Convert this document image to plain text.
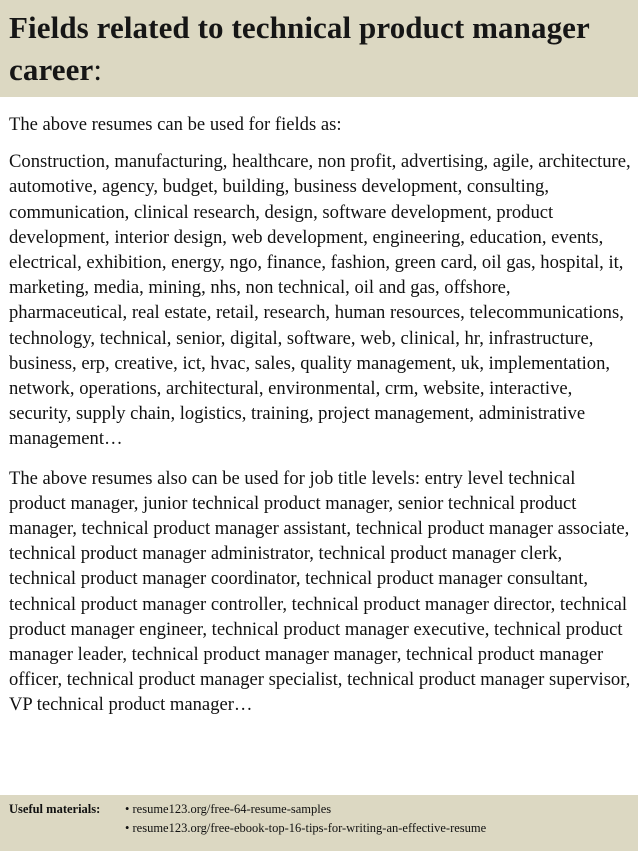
Fields related to technical product manager career:

The above resumes can be used for fields as:

Construction, manufacturing, healthcare, non profit, advertising, agile, architecture, automotive, agency, budget, building, business development, consulting, communication, clinical research, design, software development, product development, interior design, web development, engineering, education, events, electrical, exhibition, energy, ngo, finance, fashion, green card, oil gas, hospital, it, marketing, media, mining, nhs, non technical, oil and gas, offshore, pharmaceutical, real estate, retail, research, human resources, telecommunications, technology, technical, senior, digital, software, web, clinical, hr, infrastructure, business, erp, creative, ict, hvac, sales, quality management, uk, implementation, network, operations, architectural, environmental, crm, website, interactive, security, supply chain, logistics, training, project management, administrative management…

The above resumes also can be used for job title levels: entry level technical product manager, junior technical product manager, senior technical product manager, technical product manager assistant, technical product manager associate, technical product manager administrator, technical product manager clerk, technical product manager coordinator, technical product manager consultant, technical product manager controller, technical product manager director, technical product manager engineer, technical product manager executive, technical product manager leader, technical product manager manager, technical product manager officer, technical product manager specialist, technical product manager supervisor, VP technical product manager…

Useful materials:	• resume123.org/free-64-resume-samples
• resume123.org/free-ebook-top-16-tips-for-writing-an-effective-resume
